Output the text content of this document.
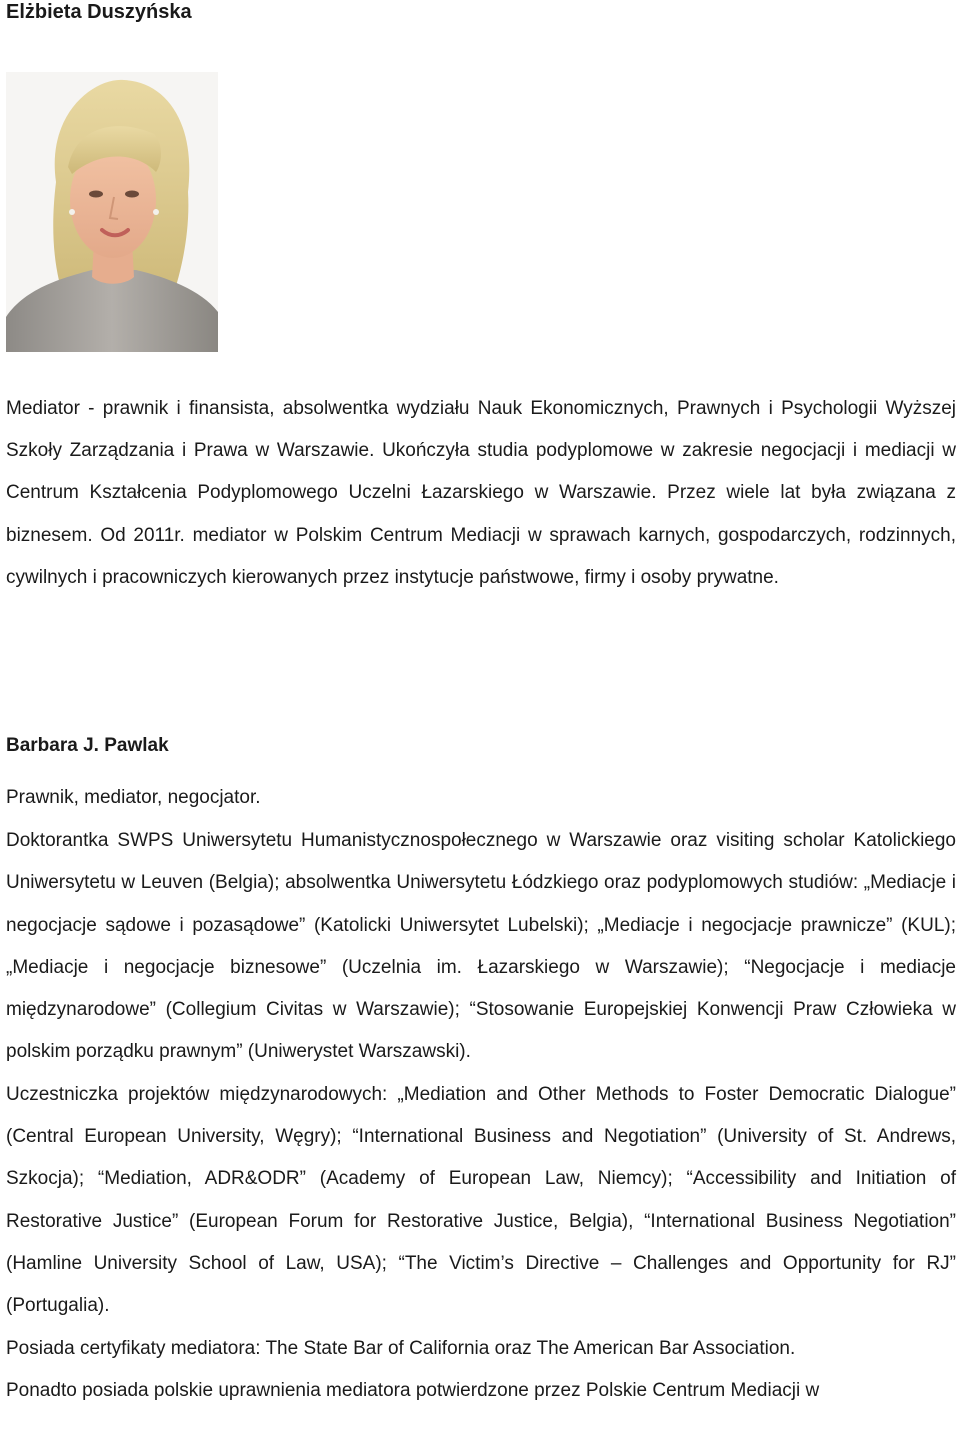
Elżbieta Duszyńska

Mediator - prawnik i finansista, absolwentka wydziału Nauk Ekonomicznych, Prawnych i Psychologii Wyższej Szkoły Zarządzania i Prawa w Warszawie. Ukończyła studia podyplomowe w zakresie negocjacji i mediacji w Centrum Kształcenia Podyplomowego Uczelni Łazarskiego w Warszawie. Przez wiele lat była związana z biznesem. Od 2011r. mediator w Polskim Centrum Mediacji w sprawach karnych, gospodarczych, rodzinnych, cywilnych i pracowniczych kierowanych przez instytucje państwowe, firmy i osoby prywatne.

Barbara J. Pawlak

Prawnik, mediator, negocjator.

Doktorantka SWPS Uniwersytetu Humanistycznospołecznego w Warszawie oraz visiting scholar Katolickiego Uniwersytetu w Leuven (Belgia); absolwentka Uniwersytetu Łódzkiego oraz podyplomowych studiów: „Mediacje i negocjacje sądowe i pozasądowe” (Katolicki Uniwersytet Lubelski); „Mediacje i negocjacje prawnicze” (KUL); „Mediacje i negocjacje biznesowe” (Uczelnia im. Łazarskiego w Warszawie); “Negocjacje i mediacje międzynarodowe” (Collegium Civitas w Warszawie); “Stosowanie Europejskiej Konwencji Praw Człowieka w polskim porządku prawnym” (Uniwerystet Warszawski).

Uczestniczka projektów międzynarodowych: „Mediation and Other Methods to Foster Democratic Dialogue” (Central European University, Węgry); “International Business and Negotiation” (University of St. Andrews, Szkocja); “Mediation, ADR&ODR” (Academy of European Law, Niemcy); “Accessibility and Initiation of Restorative Justice” (European Forum for Restorative Justice, Belgia), “International Business Negotiation” (Hamline University School of Law, USA); “The Victim’s Directive – Challenges and Opportunity for RJ” (Portugalia).

Posiada certyfikaty mediatora: The State Bar of California oraz The American Bar Association.

Ponadto posiada polskie uprawnienia mediatora potwierdzone przez Polskie Centrum Mediacji w
